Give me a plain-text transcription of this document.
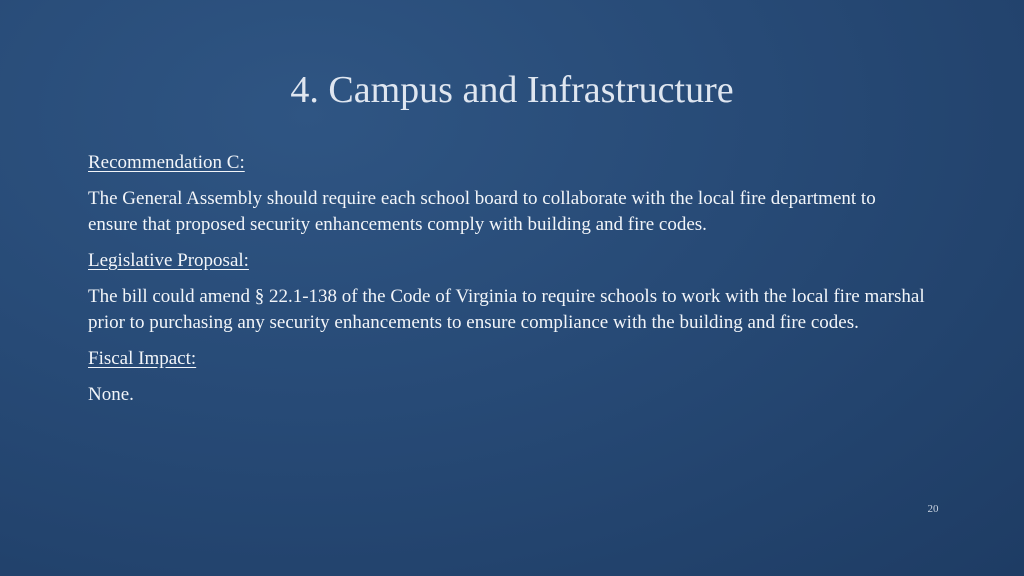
4. Campus and Infrastructure

Recommendation C:

The General Assembly should require each school board to collaborate with the local fire department to ensure that proposed security enhancements comply with building and fire codes.

Legislative Proposal:

The bill could amend § 22.1-138 of the Code of Virginia to require schools to work with the local fire marshal prior to purchasing any security enhancements to ensure compliance with the building and fire codes.

Fiscal Impact:

None.

20
